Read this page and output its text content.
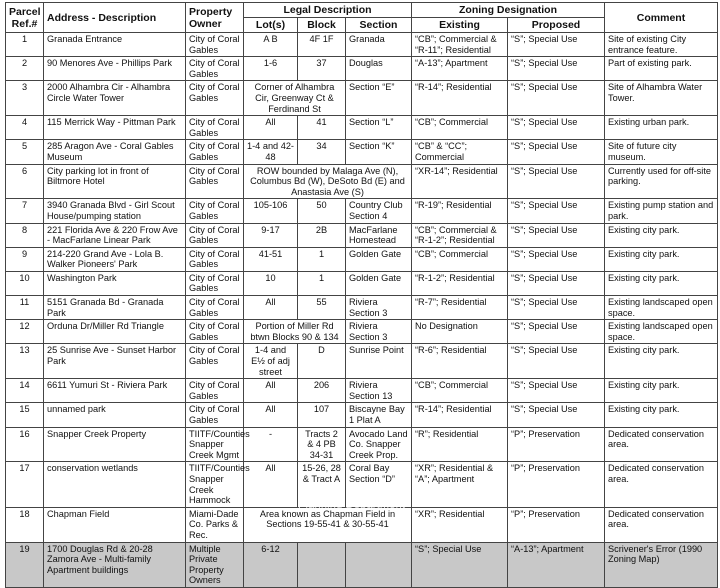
Parcel Ref.#	Address - Description	Property Owner	Legal Description			Zoning Designation		Comment
			Lot(s)	Block	Section	Existing	Proposed	
1	Granada Entrance	City of Coral Gables	A B	4F 1F	Granada	“CB”; Commercial & “R-11”; Residential	“S”; Special Use	Site of existing City entrance feature.
2	90 Menores Ave - Phillips Park	City of Coral Gables	1-6	37	Douglas	“A-13”; Apartment	“S”; Special Use	Part of existing park.
3	2000 Alhambra Cir - Alhambra Circle Water Tower	City of Coral Gables	Corner of Alhambra Cir, Greenway Ct & Ferdinand St		Section “E”	“R-14”; Residential	“S”; Special Use	Site of Alhambra Water Tower.
4	115 Merrick Way - Pittman Park	City of Coral Gables	All	41	Section “L”	“CB”; Commercial	“S”; Special Use	Existing urban park.
5	285 Aragon Ave - Coral Gables Museum	City of Coral Gables	1-4 and 42-48	34	Section “K”	“CB” & “CC”; Commercial	“S”; Special Use	Site of future city museum.
6	City parking lot in front of Biltmore Hotel	City of Coral Gables	ROW bounded by Malaga Ave (N), Columbus Bd (W), DeSoto Bd (E) and Anastasia Ave (S)			“XR-14”; Residential	“S”; Special Use	Currently used for off-site parking.
7	3940 Granada Blvd - Girl Scout House/pumping station	City of Coral Gables	105-106	50	Country Club Section 4	“R-19”; Residential	“S”; Special Use	Existing pump station and park.
8	221 Florida Ave & 220 Frow Ave - MacFarlane Linear Park	City of Coral Gables	9-17	2B	MacFarlane Homestead	“CB”; Commercial & “R-1-2”; Residential	“S”; Special Use	Existing city park.
9	214-220 Grand Ave - Lola B. Walker Pioneers' Park	City of Coral Gables	41-51	1	Golden Gate	“CB”; Commercial	“S”; Special Use	Existing city park.
10	Washington Park	City of Coral Gables	10	1	Golden Gate	“R-1-2”; Residential	“S”; Special Use	Existing city park.
11	5151 Granada Bd - Granada Park	City of Coral Gables	All	55	Riviera Section 3	“R-7”; Residential	“S”; Special Use	Existing landscaped open space.
12	Orduna Dr/Miller Rd Triangle	City of Coral Gables	Portion of Miller Rd btwn Blocks 90 & 134		Riviera Section 3	No Designation	“S”; Special Use	Existing landscaped open space.
13	25 Sunrise Ave - Sunset Harbor Park	City of Coral Gables	1-4 and E½ of adj street	D	Sunrise Point	“R-6”; Residential	“S”; Special Use	Existing city park.
14	6611 Yumuri St - Riviera Park	City of Coral Gables	All	206	Riviera Section 13	“CB”; Commercial	“S”; Special Use	Existing city park.
15	unnamed park	City of Coral Gables	All	107	Biscayne Bay 1 Plat A	“R-14”; Residential	“S”; Special Use	Existing city park.
16	Snapper Creek Property	TIITF/Counties Snapper Creek Mgmt	-	Tracts 2 & 4 PB 34-31	Avocado Land Co. Snapper Creek Prop.	“R”; Residential	“P”; Preservation	Dedicated conservation area.
17	conservation wetlands	TIITF/Counties Snapper Creek Hammock	All	15-26, 28 & Tract A	Coral Bay Section “D”	“XR”; Residential & “A”; Apartment	“P”; Preservation	Dedicated conservation area.
18	Chapman Field	Miami-Dade Co. Parks & Rec.	Area known as Chapman Field in Sections 19-55-41 & 30-55-41			“XR”; Residential	“P”; Preservation	Dedicated conservation area.
19	1700 Douglas Rd & 20-28 Zamora Ave - Multi-family Apartment buildings	Multiple Private Property Owners	6-12			“S”; Special Use	“A-13”; Apartment	Scrivener's Error (1990 Zoning Map)
Planning Department
